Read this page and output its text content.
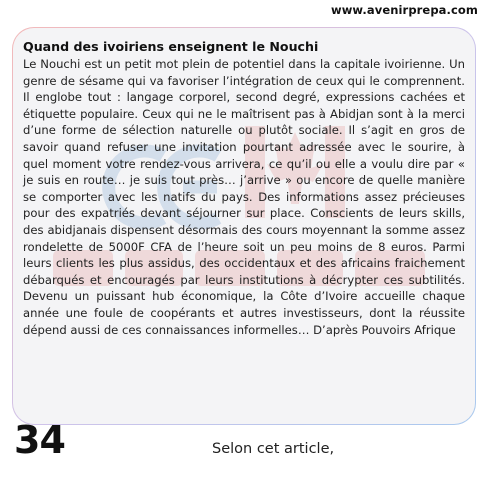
www.avenirprepa.com
Quand des ivoiriens enseignent le Nouchi

Le Nouchi est un petit mot plein de potentiel dans la capitale ivoirienne. Un genre de sésame qui va favoriser l’intégration de ceux qui le comprennent. Il englobe tout : langage corporel, second degré, expressions cachées et étiquette populaire. Ceux qui ne le maîtrisent pas à Abidjan sont à la merci d’une forme de sélection naturelle ou plutôt sociale. Il s’agit en gros de savoir quand refuser une invitation pourtant adressée avec le sourire, à quel moment votre rendez-vous arrivera, ce qu’il ou elle a voulu dire par « je suis en route… je suis tout près… j’arrive » ou encore de quelle manière se comporter avec les natifs du pays. Des informations assez précieuses pour des expatriés devant séjourner sur place. Conscients de leurs skills, des abidjanais dispensent désormais des cours moyennant la somme assez rondelette de 5000F CFA de l’heure soit un peu moins de 8 euros. Parmi leurs clients les plus assidus, des occidentaux et des africains fraichement débarqués et encouragés par leurs institutions à décrypter ces subtilités. Devenu un puissant hub économique, la Côte d’Ivoire accueille chaque année une foule de coopérants et autres investisseurs, dont la réussite dépend aussi de ces connaissances informelles… D’après Pouvoirs Afrique

34	Selon cet article,
